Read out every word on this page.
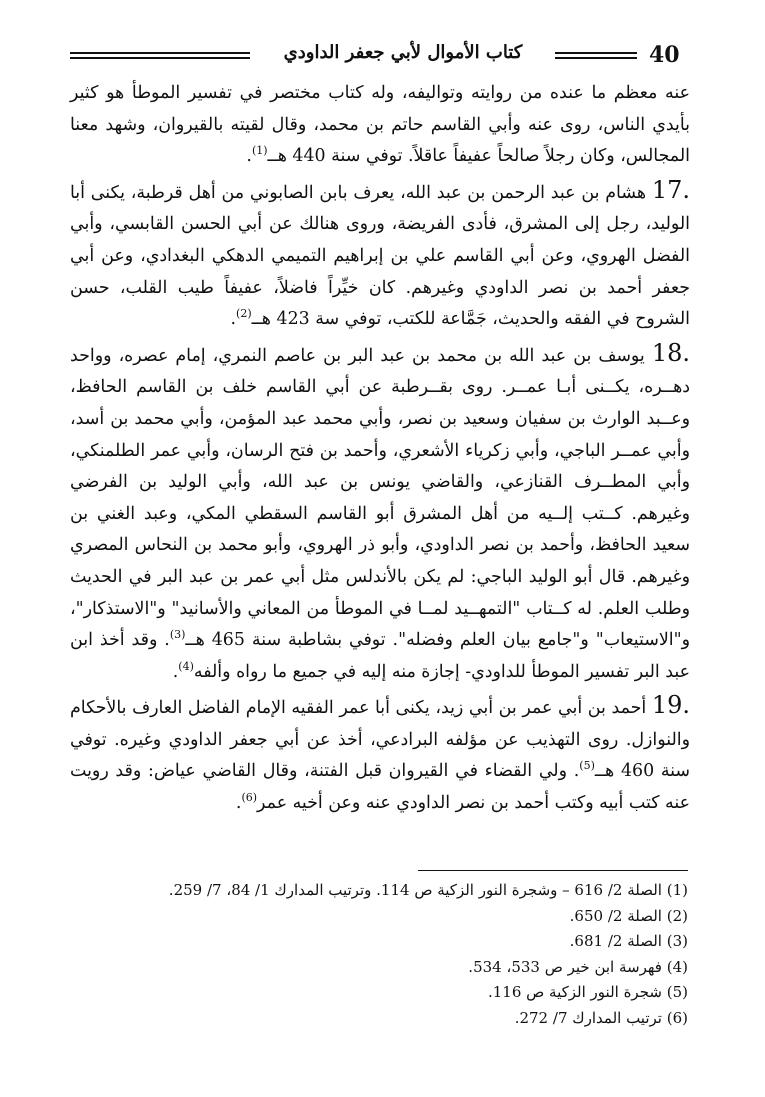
كتاب الأموال لأبي جعفر الداودي	40

عنه معظم ما عنده من روايته وتواليفه، وله كتاب مختصر في تفسير الموطأ هو كثير بأيدي الناس، روى عنه وأبي القاسم حاتم بن محمد، وقال لقيته بالقيروان، وشهد معنا المجالس، وكان رجلاً صالحاً عفيفاً عاقلاً. توفي سنة 440 هــ$^{(1)}$.

17. هشام بن عبد الرحمن بن عبد الله، يعرف بابن الصابوني من أهل قرطبة، يكنى أبا الوليد، رجل إلى المشرق، فأدى الفريضة، وروى هنالك عن أبي الحسن القابسي، وأبي الفضل الهروي، وعن أبي القاسم علي بن إبراهيم التميمي الدهكي البغدادي، وعن أبي جعفر أحمد بن نصر الداودي وغيرهم. كان خيِّراً فاضلاً، عفيفاً طيب القلب، حسن الشروح في الفقه والحديث، جَمَّاعة للكتب، توفي سة 423 هــ$^{(2)}$.

18. يوسف بن عبد الله بن محمد بن عبد البر بن عاصم النمري، إمام عصره، وواحد دهــره، يكــنى أبـا عمــر. روى بقــرطبة عن أبي القاسم خلف بن القاسم الحافظ، وعــبد الوارث بن سفيان وسعيد بن نصر، وأبي محمد عبد المؤمن، وأبي محمد بن أسد، وأبي عمــر الباجي، وأبي زكرياء الأشعري، وأحمد بن فتح الرسان، وأبي عمر الطلمنكي، وأبي المطــرف القنازعي، والقاضي يونس بن عبد الله، وأبي الوليد بن الفرضي وغيرهم. كــتب إلــيه من أهل المشرق أبو القاسم السقطي المكي، وعبد الغني بن سعيد الحافظ، وأحمد بن نصر الداودي، وأبو ذر الهروي، وأبو محمد بن النحاس المصري وغيرهم. قال أبو الوليد الباجي: لم يكن بالأندلس مثل أبي عمر بن عبد البر في الحديث وطلب العلم. له كــتاب "التمهــيد لمــا في الموطأ من المعاني والأسانيد" و"الاستذكار"، و"الاستيعاب" و"جامع بيان العلم وفضله". توفي بشاطبة سنة 465 هــ$^{(3)}$. وقد أخذ ابن عبد البر تفسير الموطأ للداودي- إجازة منه إليه في جميع ما رواه وألفه$^{(4)}$.

19. أحمد بن أبي عمر بن أبي زيد، يكنى أبا عمر الفقيه الإمام الفاضل العارف بالأحكام والنوازل. روى التهذيب عن مؤلفه البرادعي، أخذ عن أبي جعفر الداودي وغيره. توفي سنة 460 هــ$^{(5)}$. ولي القضاء في القيروان قبل الفتنة، وقال القاضي عياض: وقد رويت عنه كتب أبيه وكتب أحمد بن نصر الداودي عنه وعن أخيه عمر$^{(6)}$.

(1) الصلة 2/ 616 – وشجرة النور الزكية ص 114. وترتيب المدارك 1/ 84، 7/ 259.
(2) الصلة 2/ 650.
(3) الصلة 2/ 681.
(4) فهرسة ابن خير ص 533، 534.
(5) شجرة النور الزكية ص 116.
(6) ترتيب المدارك 7/ 272.
